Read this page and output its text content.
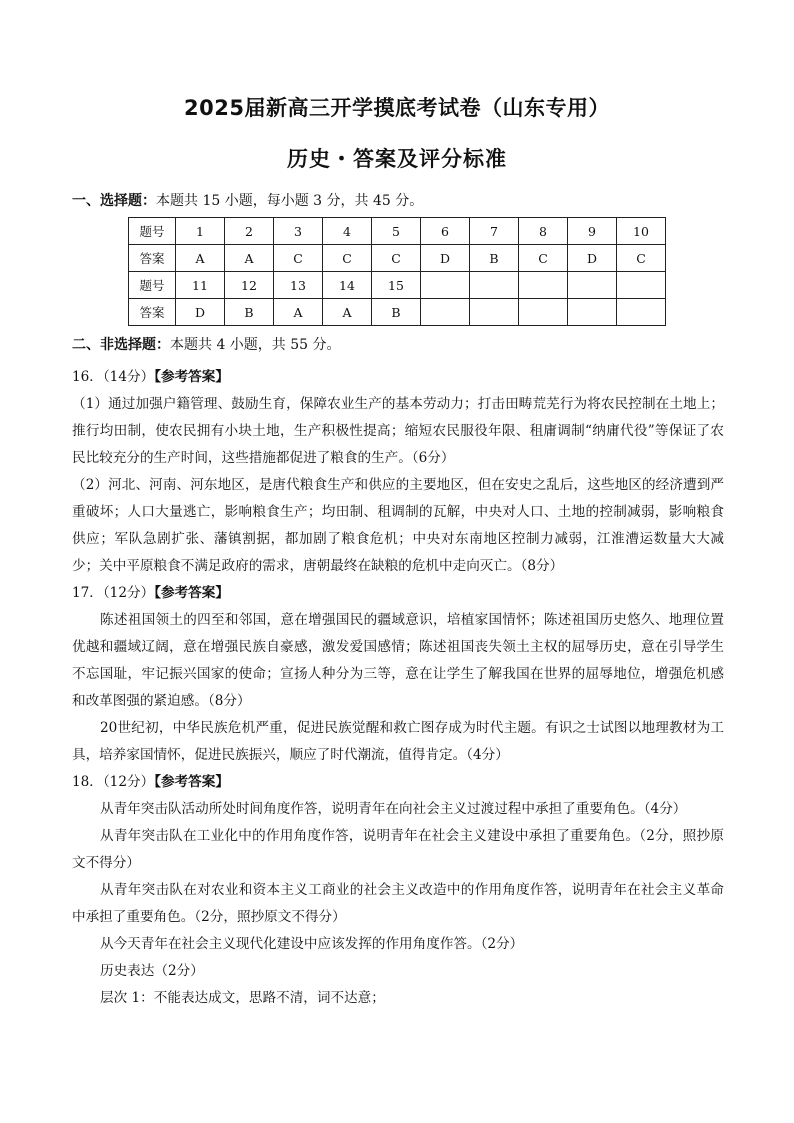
2025届新高三开学摸底考试卷（山东专用）
历史・答案及评分标准
一、选择题：本题共 15 小题，每小题 3 分，共 45 分。
题号	1	2	3	4	5	6	7	8	9	10
答案	A	A	C	C	C	D	B	C	D	C
题号	11	12	13	14	15					
答案	D	B	A	A	B					
二、非选择题：本题共 4 小题，共 55 分。

16．（14分）【参考答案】

（1）通过加强户籍管理、鼓励生育，保障农业生产的基本劳动力；打击田畴荒芜行为将农民控制在土地上；推行均田制，使农民拥有小块土地，生产积极性提高；缩短农民服役年限、租庸调制“纳庸代役”等保证了农民比较充分的生产时间，这些措施都促进了粮食的生产。（6分）

（2）河北、河南、河东地区，是唐代粮食生产和供应的主要地区，但在安史之乱后，这些地区的经济遭到严重破坏；人口大量逃亡，影响粮食生产；均田制、租调制的瓦解，中央对人口、土地的控制减弱，影响粮食供应；军队急剧扩张、藩镇割据，都加剧了粮食危机；中央对东南地区控制力减弱，江淮漕运数量大大减少；关中平原粮食不满足政府的需求，唐朝最终在缺粮的危机中走向灭亡。（8分）

17．（12分）【参考答案】

陈述祖国领土的四至和邻国，意在增强国民的疆域意识，培植家国情怀；陈述祖国历史悠久、地理位置优越和疆域辽阔，意在增强民族自豪感，激发爱国感情；陈述祖国丧失领土主权的屈辱历史，意在引导学生不忘国耻，牢记振兴国家的使命；宣扬人种分为三等，意在让学生了解我国在世界的屈辱地位，增强危机感和改革图强的紧迫感。（8分）

20世纪初，中华民族危机严重，促进民族觉醒和救亡图存成为时代主题。有识之士试图以地理教材为工具，培养家国情怀，促进民族振兴，顺应了时代潮流，值得肯定。（4分）

18．（12分）【参考答案】

从青年突击队活动所处时间角度作答，说明青年在向社会主义过渡过程中承担了重要角色。（4分）

从青年突击队在工业化中的作用角度作答，说明青年在社会主义建设中承担了重要角色。（2分，照抄原文不得分）

从青年突击队在对农业和资本主义工商业的社会主义改造中的作用角度作答，说明青年在社会主义革命中承担了重要角色。（2分，照抄原文不得分）

从今天青年在社会主义现代化建设中应该发挥的作用角度作答。（2分）

历史表达（2分）

层次 1：不能表达成文，思路不清，词不达意；
